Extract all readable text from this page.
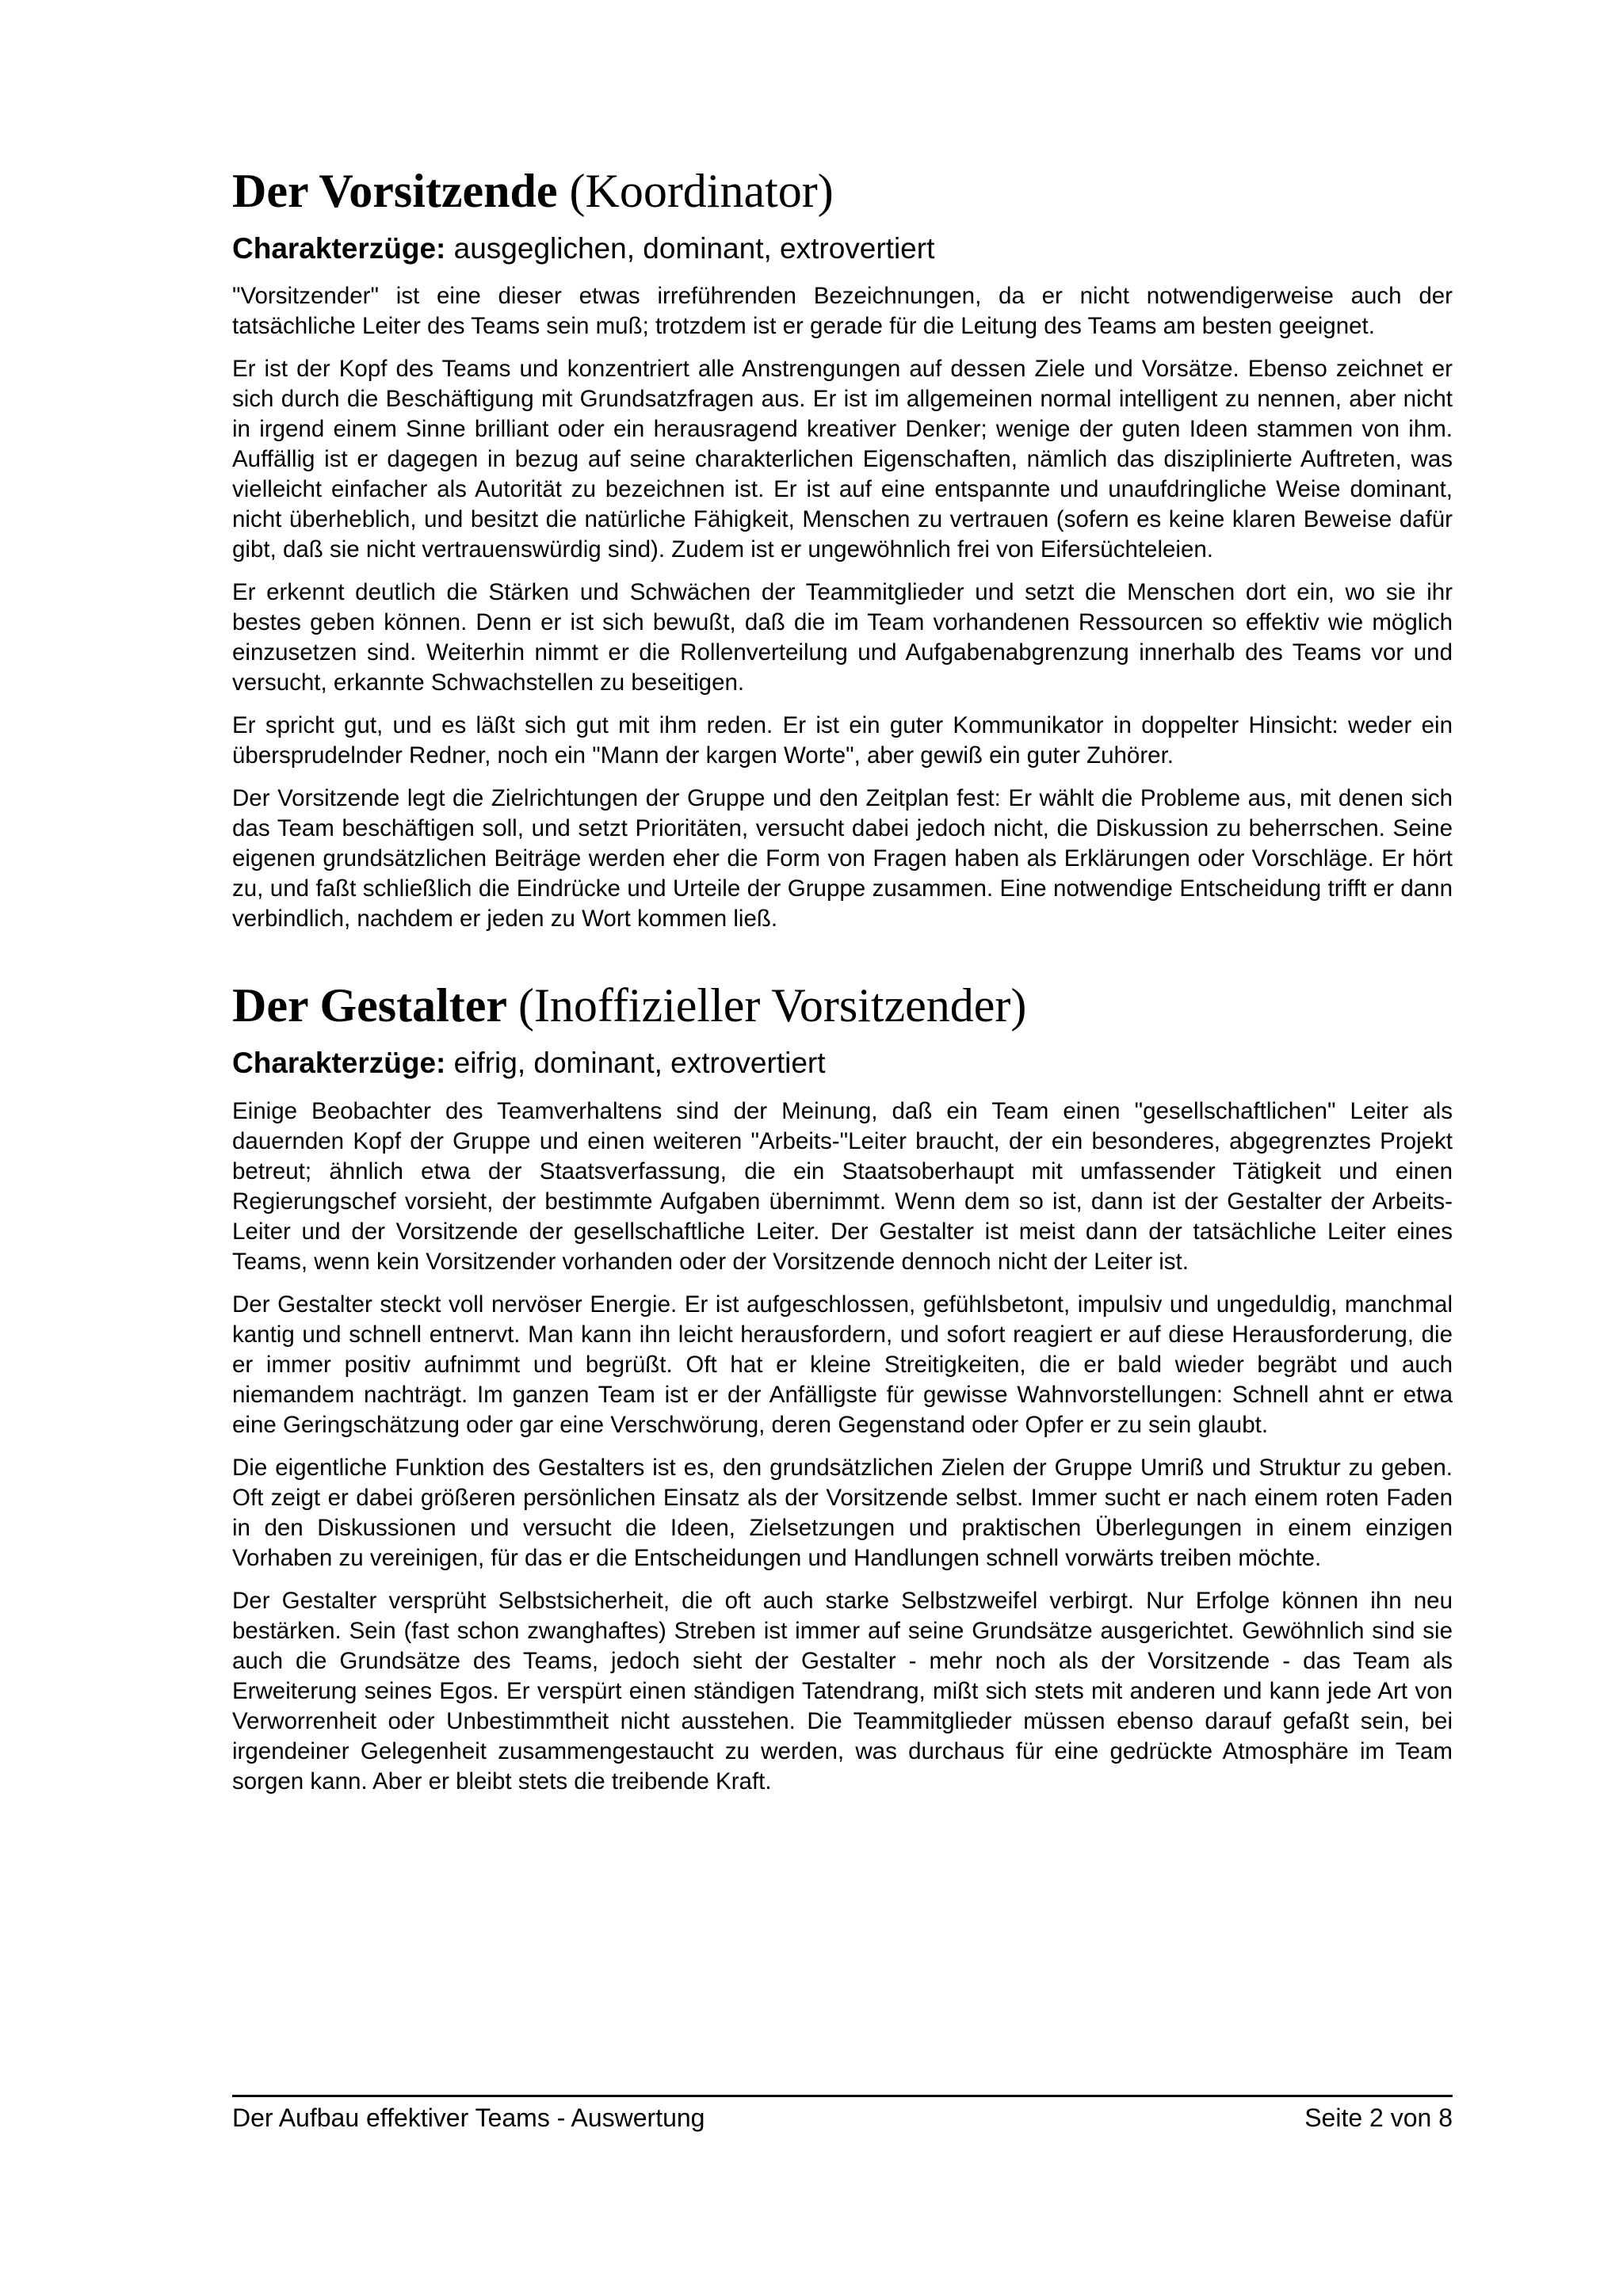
Der Vorsitzende (Koordinator)
Charakterzüge: ausgeglichen, dominant, extrovertiert

"Vorsitzender" ist eine dieser etwas irreführenden Bezeichnungen, da er nicht notwendigerweise auch der tatsächliche Leiter des Teams sein muß; trotzdem ist er gerade für die Leitung des Teams am besten geeignet.

Er ist der Kopf des Teams und konzentriert alle Anstrengungen auf dessen Ziele und Vorsätze. Ebenso zeichnet er sich durch die Beschäftigung mit Grundsatzfragen aus. Er ist im allgemeinen normal intelligent zu nennen, aber nicht in irgend einem Sinne brilliant oder ein herausragend kreativer Denker; wenige der guten Ideen stammen von ihm. Auffällig ist er dagegen in bezug auf seine charakterlichen Eigenschaften, nämlich das disziplinierte Auftreten, was vielleicht einfacher als Autorität zu bezeichnen ist. Er ist auf eine entspannte und unaufdringliche Weise dominant, nicht überheblich, und besitzt die natürliche Fähigkeit, Menschen zu vertrauen (sofern es keine klaren Beweise dafür gibt, daß sie nicht vertrauenswürdig sind). Zudem ist er ungewöhnlich frei von Eifersüchteleien.

Er erkennt deutlich die Stärken und Schwächen der Teammitglieder und setzt die Menschen dort ein, wo sie ihr bestes geben können. Denn er ist sich bewußt, daß die im Team vorhandenen Ressourcen so effektiv wie möglich einzusetzen sind. Weiterhin nimmt er die Rollenverteilung und Aufgabenabgrenzung innerhalb des Teams vor und versucht, erkannte Schwachstellen zu beseitigen.

Er spricht gut, und es läßt sich gut mit ihm reden. Er ist ein guter Kommunikator in doppelter Hinsicht: weder ein übersprudelnder Redner, noch ein "Mann der kargen Worte", aber gewiß ein guter Zuhörer.

Der Vorsitzende legt die Zielrichtungen der Gruppe und den Zeitplan fest: Er wählt die Probleme aus, mit denen sich das Team beschäftigen soll, und setzt Prioritäten, versucht dabei jedoch nicht, die Diskussion zu beherrschen. Seine eigenen grundsätzlichen Beiträge werden eher die Form von Fragen haben als Erklärungen oder Vorschläge. Er hört zu, und faßt schließlich die Eindrücke und Urteile der Gruppe zusammen. Eine notwendige Entscheidung trifft er dann verbindlich, nachdem er jeden zu Wort kommen ließ.

Der Gestalter (Inoffizieller Vorsitzender)
Charakterzüge: eifrig, dominant, extrovertiert

Einige Beobachter des Teamverhaltens sind der Meinung, daß ein Team einen "gesellschaftlichen" Leiter als dauernden Kopf der Gruppe und einen weiteren "Arbeits-"Leiter braucht, der ein besonderes, abgegrenztes Projekt betreut; ähnlich etwa der Staatsverfassung, die ein Staatsoberhaupt mit umfassender Tätigkeit und einen Regierungschef vorsieht, der bestimmte Aufgaben übernimmt. Wenn dem so ist, dann ist der Gestalter der Arbeits-Leiter und der Vorsitzende der gesellschaftliche Leiter. Der Gestalter ist meist dann der tatsächliche Leiter eines Teams, wenn kein Vorsitzender vorhanden oder der Vorsitzende dennoch nicht der Leiter ist.

Der Gestalter steckt voll nervöser Energie. Er ist aufgeschlossen, gefühlsbetont, impulsiv und ungeduldig, manchmal kantig und schnell entnervt. Man kann ihn leicht herausfordern, und sofort reagiert er auf diese Herausforderung, die er immer positiv aufnimmt und begrüßt. Oft hat er kleine Streitigkeiten, die er bald wieder begräbt und auch niemandem nachträgt. Im ganzen Team ist er der Anfälligste für gewisse Wahnvorstellungen: Schnell ahnt er etwa eine Geringschätzung oder gar eine Verschwörung, deren Gegenstand oder Opfer er zu sein glaubt.

Die eigentliche Funktion des Gestalters ist es, den grundsätzlichen Zielen der Gruppe Umriß und Struktur zu geben. Oft zeigt er dabei größeren persönlichen Einsatz als der Vorsitzende selbst. Immer sucht er nach einem roten Faden in den Diskussionen und versucht die Ideen, Zielsetzungen und praktischen Überlegungen in einem einzigen Vorhaben zu vereinigen, für das er die Entscheidungen und Handlungen schnell vorwärts treiben möchte.

Der Gestalter versprüht Selbstsicherheit, die oft auch starke Selbstzweifel verbirgt. Nur Erfolge können ihn neu bestärken. Sein (fast schon zwanghaftes) Streben ist immer auf seine Grundsätze ausgerichtet. Gewöhnlich sind sie auch die Grundsätze des Teams, jedoch sieht der Gestalter - mehr noch als der Vorsitzende - das Team als Erweiterung seines Egos. Er verspürt einen ständigen Tatendrang, mißt sich stets mit anderen und kann jede Art von Verworrenheit oder Unbestimmtheit nicht ausstehen. Die Teammitglieder müssen ebenso darauf gefaßt sein, bei irgendeiner Gelegenheit zusammengestaucht zu werden, was durchaus für eine gedrückte Atmosphäre im Team sorgen kann. Aber er bleibt stets die treibende Kraft.

Der Aufbau effektiver Teams - Auswertung	Seite 2 von 8
